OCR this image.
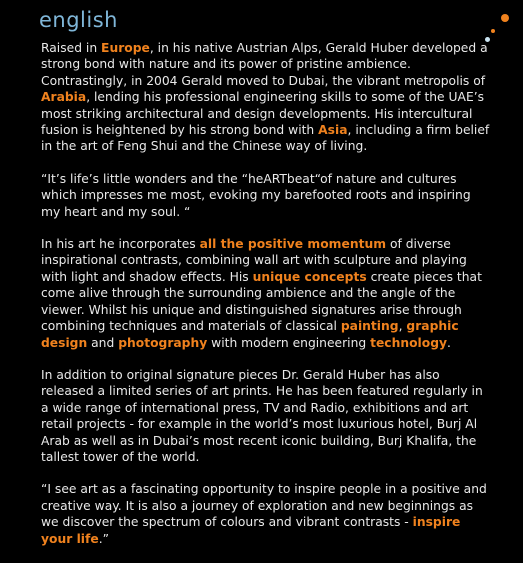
english

Raised in Europe, in his native Austrian Alps, Gerald Huber developed a strong bond with nature and its power of pristine ambience. Contrastingly, in 2004 Gerald moved to Dubai, the vibrant metropolis of Arabia, lending his professional engineering skills to some of the UAE’s most striking architectural and design developments. His intercultural fusion is heightened by his strong bond with Asia, including a firm belief in the art of Feng Shui and the Chinese way of living.

“It’s life’s little wonders and the “heARTbeat“of nature and cultures which impresses me most, evoking my barefooted roots and inspiring my heart and my soul. “

In his art he incorporates all the positive momentum of diverse inspirational contrasts, combining wall art with sculpture and playing with light and shadow effects. His unique concepts create pieces that come alive through the surrounding ambience and the angle of the viewer. Whilst his unique and distinguished signatures arise through combining techniques and materials of classical painting, graphic design and photography with modern engineering technology.

In addition to original signature pieces Dr. Gerald Huber has also released a limited series of art prints. He has been featured regularly in a wide range of international press, TV and Radio, exhibitions and art retail projects - for example in the world’s most luxurious hotel, Burj Al Arab as well as in Dubai’s most recent iconic building, Burj Khalifa, the tallest tower of the world.

“I see art as a fascinating opportunity to inspire people in a positive and creative way. It is also a journey of exploration and new beginnings as we discover the spectrum of colours and vibrant contrasts - inspire your life.”
